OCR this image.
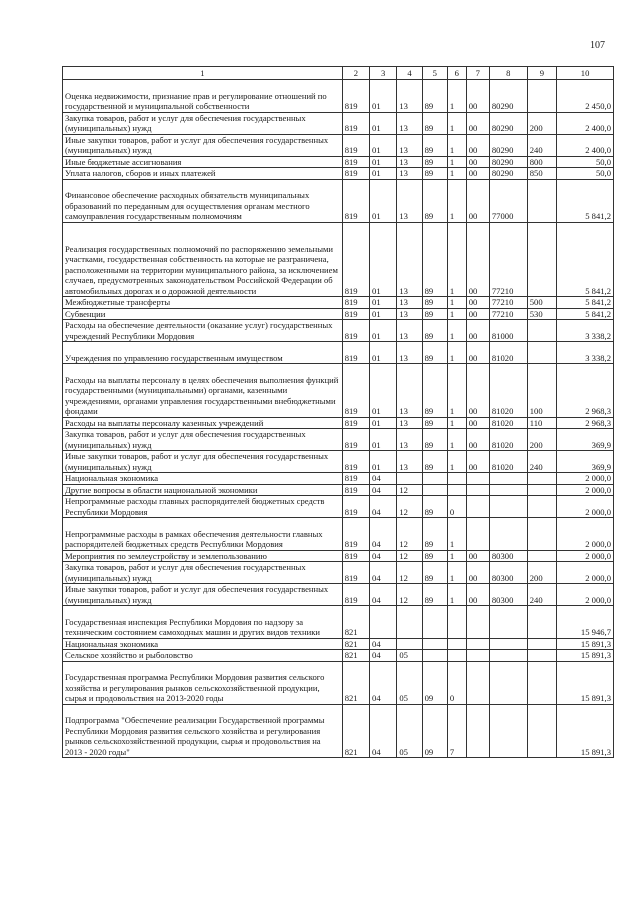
107
1	2	3	4	5	6	7	8	9	10
Оценка недвижимости, признание прав и регулирование отношений по государственной и муниципальной собственности	819	01	13	89	1	00	80290		2 450,0
Закупка товаров, работ и услуг для обеспечения государственных (муниципальных) нужд	819	01	13	89	1	00	80290	200	2 400,0
Иные закупки товаров, работ и услуг для обеспечения государственных (муниципальных) нужд	819	01	13	89	1	00	80290	240	2 400,0
Иные бюджетные ассигнования	819	01	13	89	1	00	80290	800	50,0
Уплата налогов, сборов и иных платежей	819	01	13	89	1	00	80290	850	50,0
Финансовое обеспечение расходных обязательств муниципальных образований по переданным для осуществления органам местного самоуправления государственным полномочиям	819	01	13	89	1	00	77000		5 841,2
Реализация государственных полномочий по распоряжению земельными участками, государственная собственность на которые не разграничена, расположенными на территории муниципального района, за исключением случаев, предусмотренных законодательством Российской Федерации об автомобильных дорогах и о дорожной деятельности	819	01	13	89	1	00	77210		5 841,2
Межбюджетные трансферты	819	01	13	89	1	00	77210	500	5 841,2
Субвенции	819	01	13	89	1	00	77210	530	5 841,2
Расходы на обеспечение деятельности (оказание услуг) государственных учреждений Республики Мордовия	819	01	13	89	1	00	81000		3 338,2
Учреждения по управлению государственным имуществом	819	01	13	89	1	00	81020		3 338,2
Расходы на выплаты персоналу в целях обеспечения выполнения функций государственными (муниципальными) органами, казенными учреждениями, органами управления государственными внебюджетными фондами	819	01	13	89	1	00	81020	100	2 968,3
Расходы на выплаты персоналу казенных учреждений	819	01	13	89	1	00	81020	110	2 968,3
Закупка товаров, работ и услуг для обеспечения государственных (муниципальных) нужд	819	01	13	89	1	00	81020	200	369,9
Иные закупки товаров, работ и услуг для обеспечения государственных (муниципальных) нужд	819	01	13	89	1	00	81020	240	369,9
Национальная экономика	819	04							2 000,0
Другие вопросы в области национальной экономики	819	04	12						2 000,0
Непрограммные расходы главных распорядителей бюджетных средств Республики Мордовия	819	04	12	89	0				2 000,0
Непрограммные расходы в рамках обеспечения деятельности главных распорядителей бюджетных средств Республики Мордовия	819	04	12	89	1				2 000,0
Мероприятия по землеустройству и землепользованию	819	04	12	89	1	00	80300		2 000,0
Закупка товаров, работ и услуг для обеспечения государственных (муниципальных) нужд	819	04	12	89	1	00	80300	200	2 000,0
Иные закупки товаров, работ и услуг для обеспечения государственных (муниципальных) нужд	819	04	12	89	1	00	80300	240	2 000,0
Государственная инспекция Республики Мордовия по надзору за техническим состоянием самоходных машин и других видов техники	821								15 946,7
Национальная экономика	821	04							15 891,3
Сельское хозяйство и рыболовство	821	04	05						15 891,3
Государственная программа Республики Мордовия развития сельского хозяйства и регулирования рынков сельскохозяйственной продукции, сырья и продовольствия на 2013-2020 годы	821	04	05	09	0				15 891,3
Подпрограмма "Обеспечение реализации Государственной программы Республики Мордовия развития сельского хозяйства и регулирования рынков сельскохозяйственной продукции, сырья и продовольствия на 2013 - 2020 годы"	821	04	05	09	7				15 891,3
